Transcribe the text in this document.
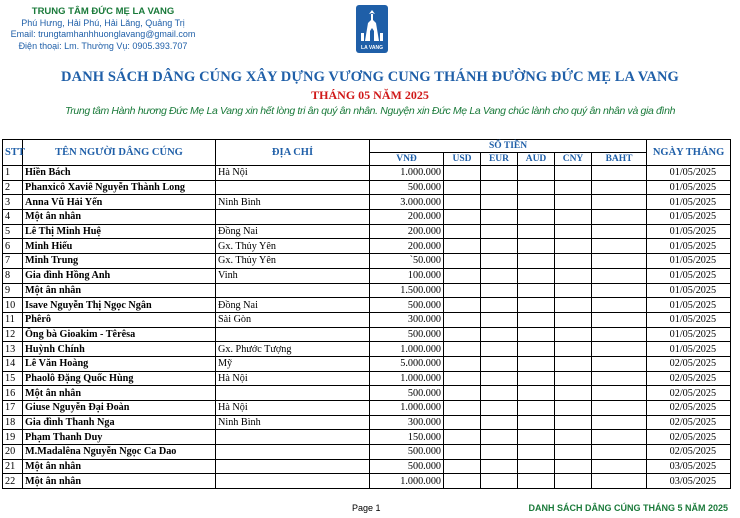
TRUNG TÂM ĐỨC MẸ LA VANG
Phú Hưng, Hải Phú, Hải Lăng, Quảng Trị
Email: trungtamhanhhuonglavang@gmail.com
Điện thoại: Lm. Thường Vụ: 0905.393.707	LA VANG
DANH SÁCH DÂNG CÚNG XÂY DỰNG VƯƠNG CUNG THÁNH ĐƯỜNG ĐỨC MẸ LA VANG
THÁNG 05 NĂM 2025
Trung tâm Hành hương Đức Mẹ La Vang xin hết lòng tri ân quý ân nhân. Nguyện xin Đức Mẹ La Vang chúc lành cho quý ân nhân và gia đình
STT	TÊN NGƯỜI DÂNG CÚNG	ĐỊA CHỈ	SỐ TIỀN						NGÀY THÁNG
			VNĐ	USD	EUR	AUD	CNY	BAHT	
1	Hiền Bách	Hà Nội	1.000.000						01/05/2025
2	Phanxicô Xaviê Nguyễn Thành Long		500.000						01/05/2025
3	Anna Vũ Hải Yến	Ninh Bình	3.000.000						01/05/2025
4	Một ân nhân		200.000						01/05/2025
5	Lê Thị Minh Huệ	Đồng Nai	200.000						01/05/2025
6	Minh Hiếu	Gx. Thủy Yên	200.000						01/05/2025
7	Minh Trung	Gx. Thủy Yên	`50.000						01/05/2025
8	Gia đình Hồng Anh	Vinh	100.000						01/05/2025
9	Một ân nhân		1.500.000						01/05/2025
10	Isave Nguyễn Thị Ngọc Ngân	Đồng Nai	500.000						01/05/2025
11	Phêrô	Sài Gòn	300.000						01/05/2025
12	Ông bà Gioakim - Têrêsa		500.000						01/05/2025
13	Huỳnh Chính	Gx. Phước Tượng	1.000.000						01/05/2025
14	Lê Văn Hoàng	Mỹ	5.000.000						02/05/2025
15	Phaolô Đặng Quốc Hùng	Hà Nội	1.000.000						02/05/2025
16	Một ân nhân		500.000						02/05/2025
17	Giuse Nguyễn Đại Đoàn	Hà Nội	1.000.000						02/05/2025
18	Gia đình Thanh Nga	Ninh Bình	300.000						02/05/2025
19	Phạm Thanh Duy		150.000						02/05/2025
20	M.Madalêna Nguyễn Ngọc Ca Dao		500.000						02/05/2025
21	Một ân nhân		500.000						03/05/2025
22	Một ân nhân		1.000.000						03/05/2025
Page 1	DANH SÁCH DÂNG CÚNG THÁNG 5 NĂM 2025
